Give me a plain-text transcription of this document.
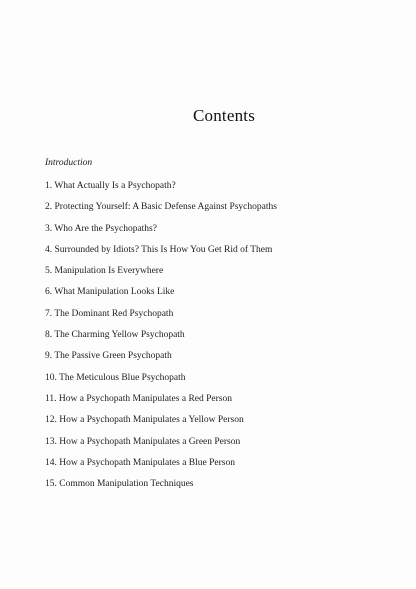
Contents
Introduction
1. What Actually Is a Psychopath?
2. Protecting Yourself: A Basic Defense Against Psychopaths
3. Who Are the Psychopaths?
4. Surrounded by Idiots? This Is How You Get Rid of Them
5. Manipulation Is Everywhere
6. What Manipulation Looks Like
7. The Dominant Red Psychopath
8. The Charming Yellow Psychopath
9. The Passive Green Psychopath
10. The Meticulous Blue Psychopath
11. How a Psychopath Manipulates a Red Person
12. How a Psychopath Manipulates a Yellow Person
13. How a Psychopath Manipulates a Green Person
14. How a Psychopath Manipulates a Blue Person
15. Common Manipulation Techniques
